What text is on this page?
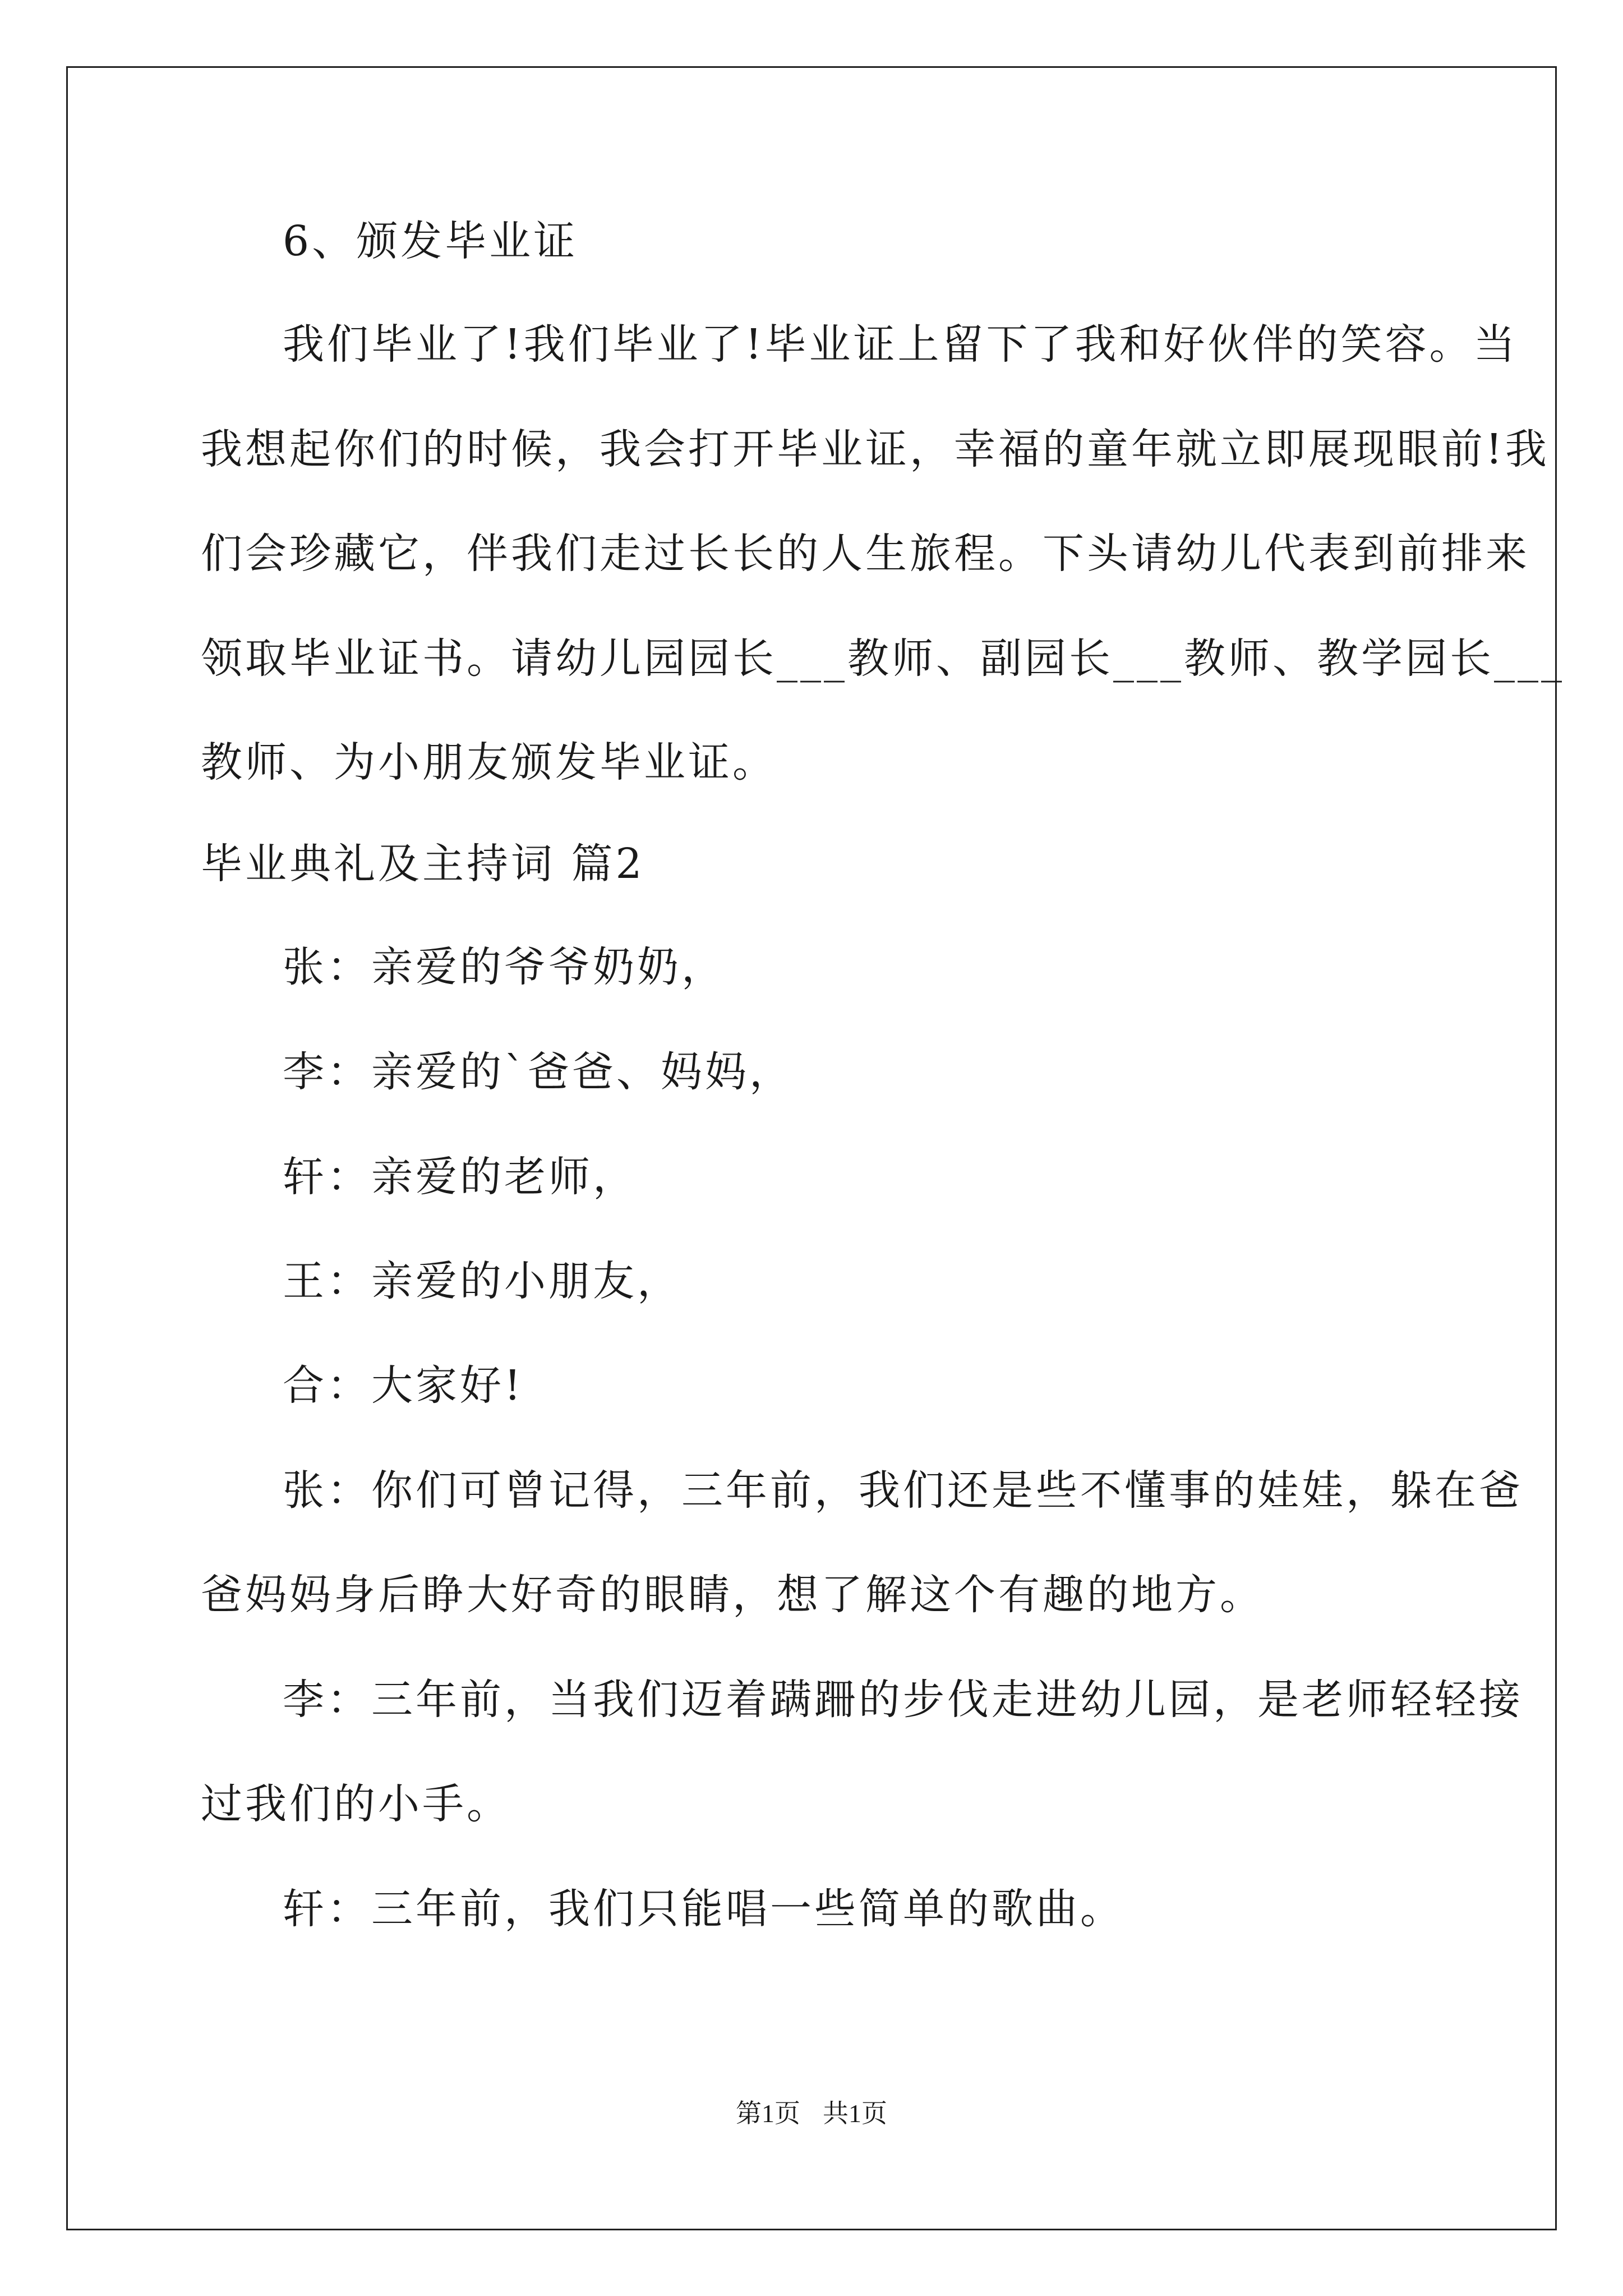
6、颁发毕业证
我们毕业了!我们毕业了!毕业证上留下了我和好伙伴的笑容。当
我想起你们的时候，我会打开毕业证，幸福的童年就立即展现眼前!我
们会珍藏它，伴我们走过长长的人生旅程。下头请幼儿代表到前排来
领取毕业证书。请幼儿园园长___教师、副园长___教师、教学园长___
教师、为小朋友颁发毕业证。
毕业典礼及主持词 篇2
张：亲爱的爷爷奶奶，
李：亲爱的`爸爸、妈妈，
轩：亲爱的老师，
王：亲爱的小朋友，
合：大家好!
张：你们可曾记得，三年前，我们还是些不懂事的娃娃，躲在爸
爸妈妈身后睁大好奇的眼睛，想了解这个有趣的地方。
李：三年前，当我们迈着蹒跚的步伐走进幼儿园，是老师轻轻接
过我们的小手。
轩：三年前，我们只能唱一些简单的歌曲。
第1页 共1页
